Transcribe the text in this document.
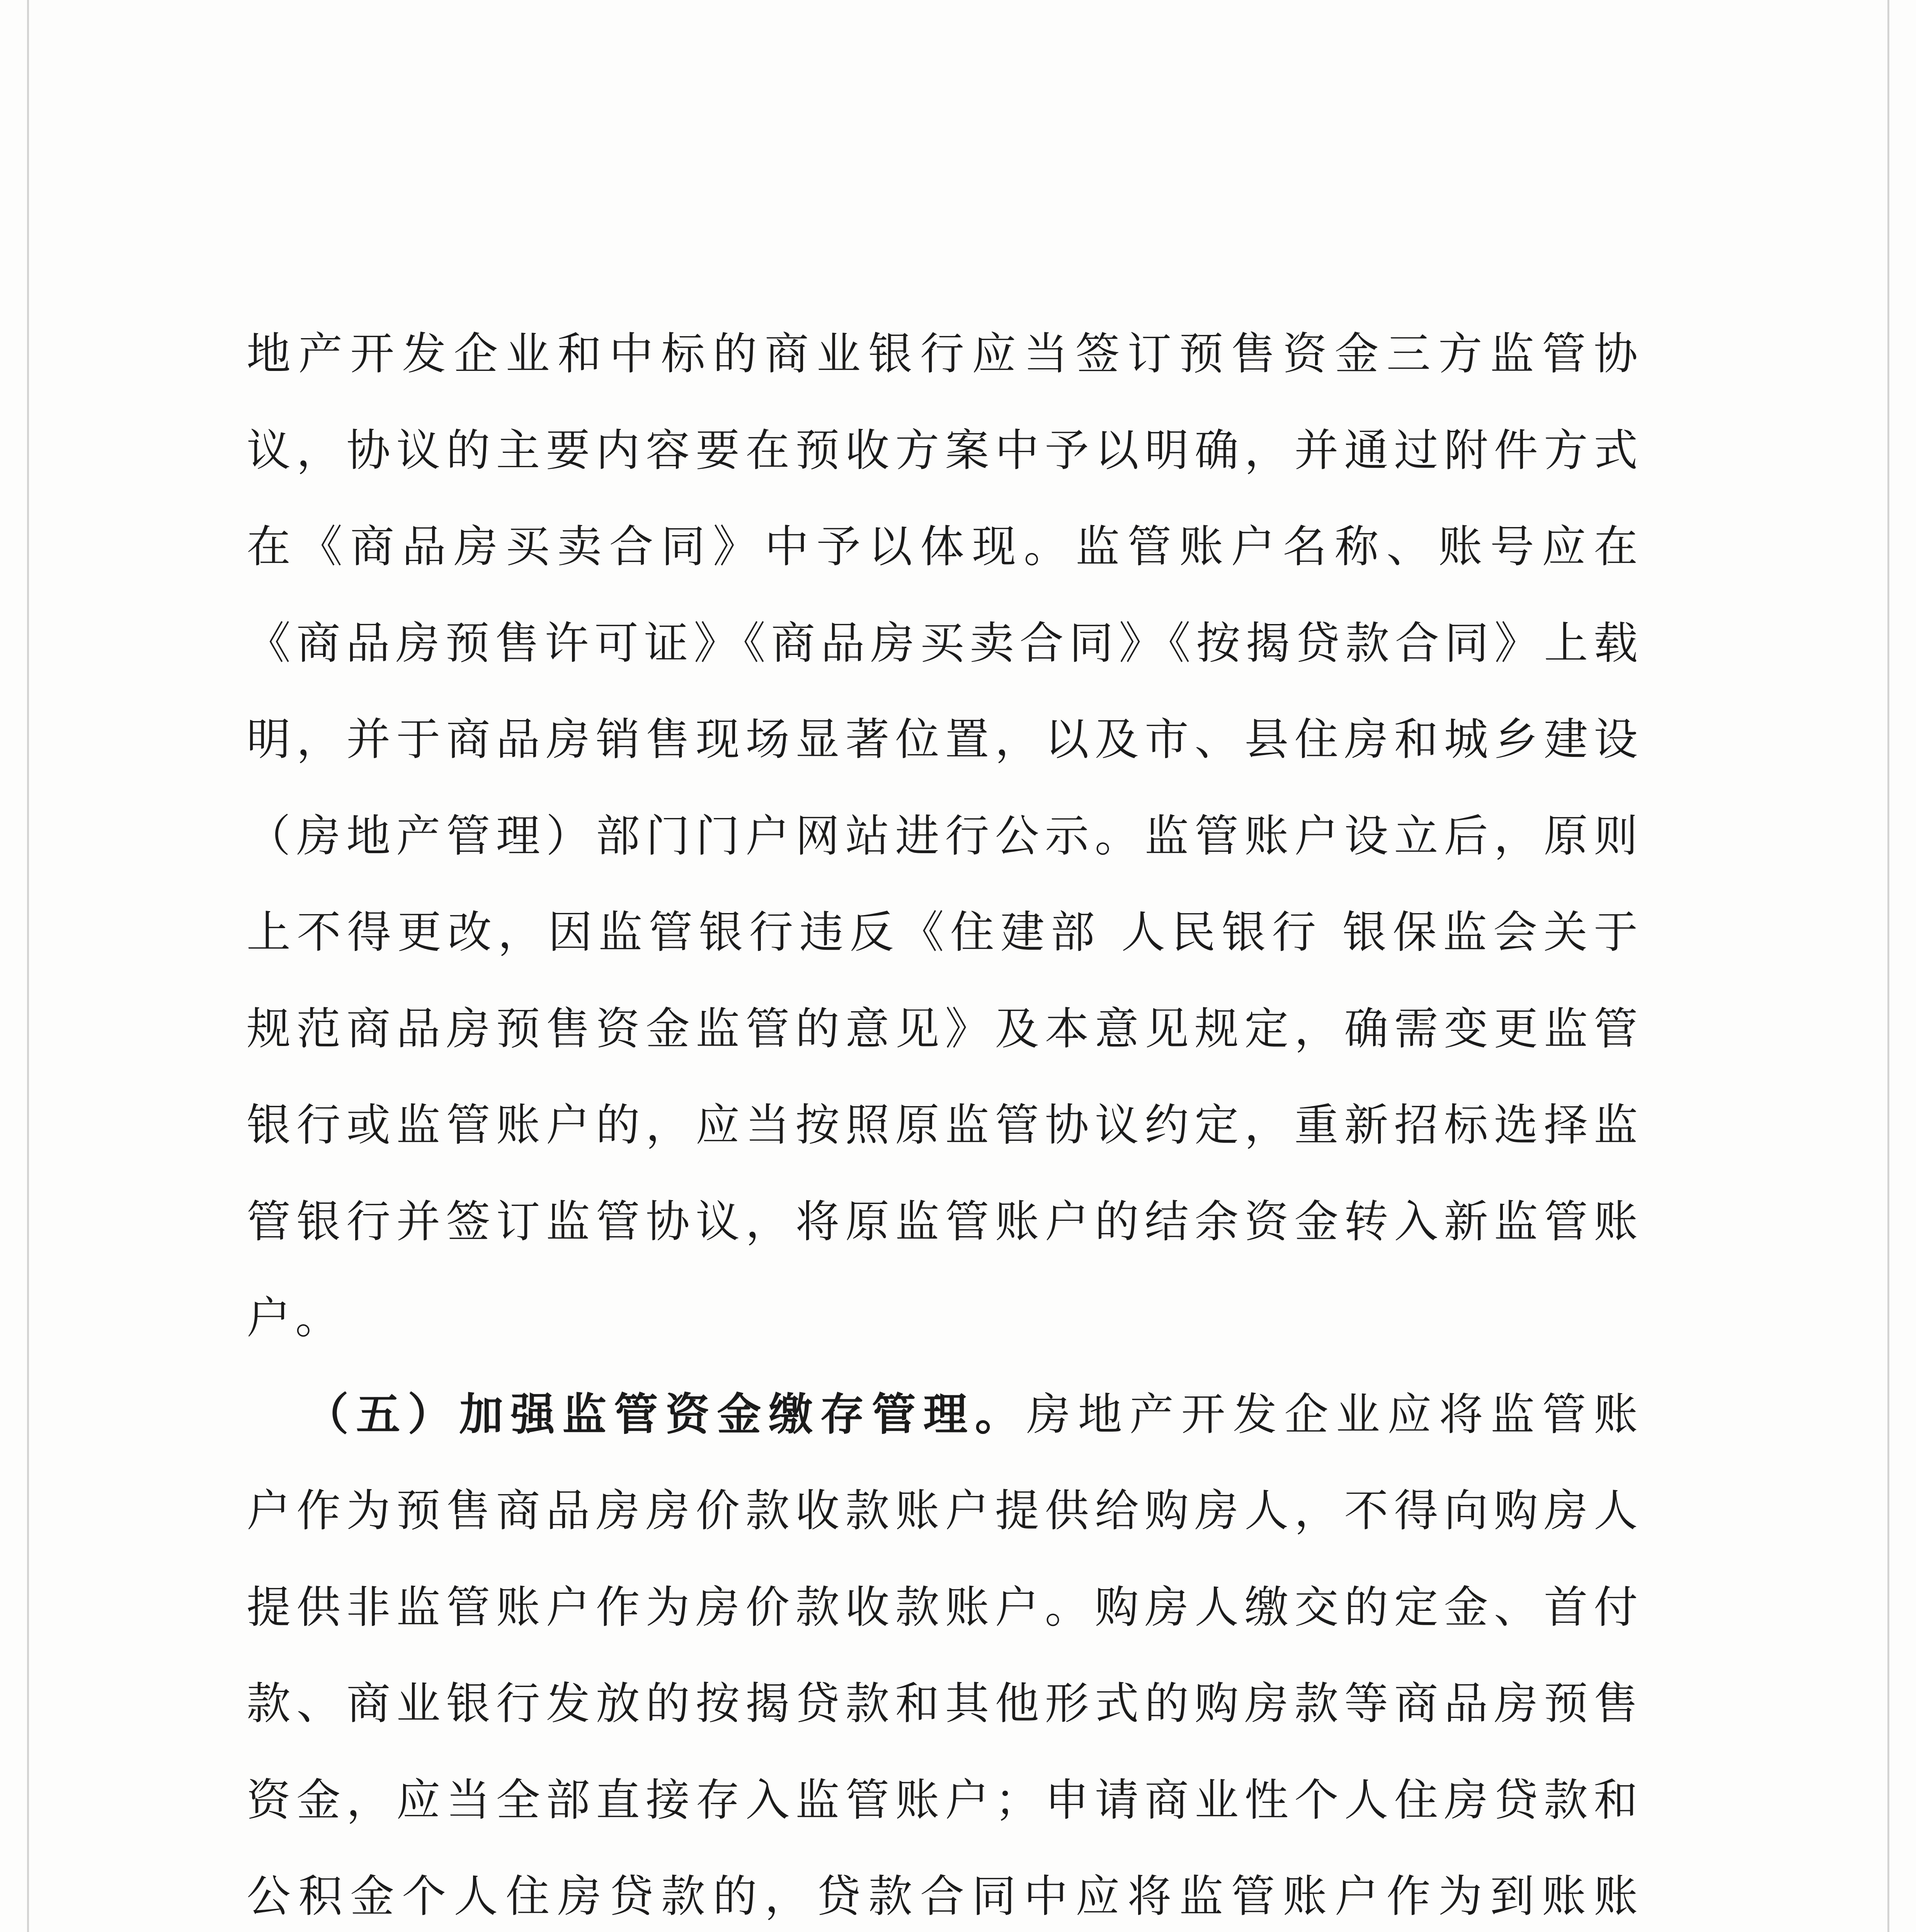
地产开发企业和中标的商业银行应当签订预售资金三方监管协
议，协议的主要内容要在预收方案中予以明确，并通过附件方式
在《商品房买卖合同》中予以体现。监管账户名称、账号应在
《商品房预售许可证》《商品房买卖合同》《按揭贷款合同》上载
明，并于商品房销售现场显著位置，以及市、县住房和城乡建设
（房地产管理）部门门户网站进行公示。监管账户设立后，原则
上不得更改，因监管银行违反《住建部 人民银行 银保监会关于
规范商品房预售资金监管的意见》及本意见规定，确需变更监管
银行或监管账户的，应当按照原监管协议约定，重新招标选择监
管银行并签订监管协议，将原监管账户的结余资金转入新监管账
户。
（五）加强监管资金缴存管理。房地产开发企业应将监管账
户作为预售商品房房价款收款账户提供给购房人，不得向购房人
提供非监管账户作为房价款收款账户。购房人缴交的定金、首付
款、商业银行发放的按揭贷款和其他形式的购房款等商品房预售
资金，应当全部直接存入监管账户；申请商业性个人住房贷款和
公积金个人住房贷款的，贷款合同中应将监管账户作为到账账
